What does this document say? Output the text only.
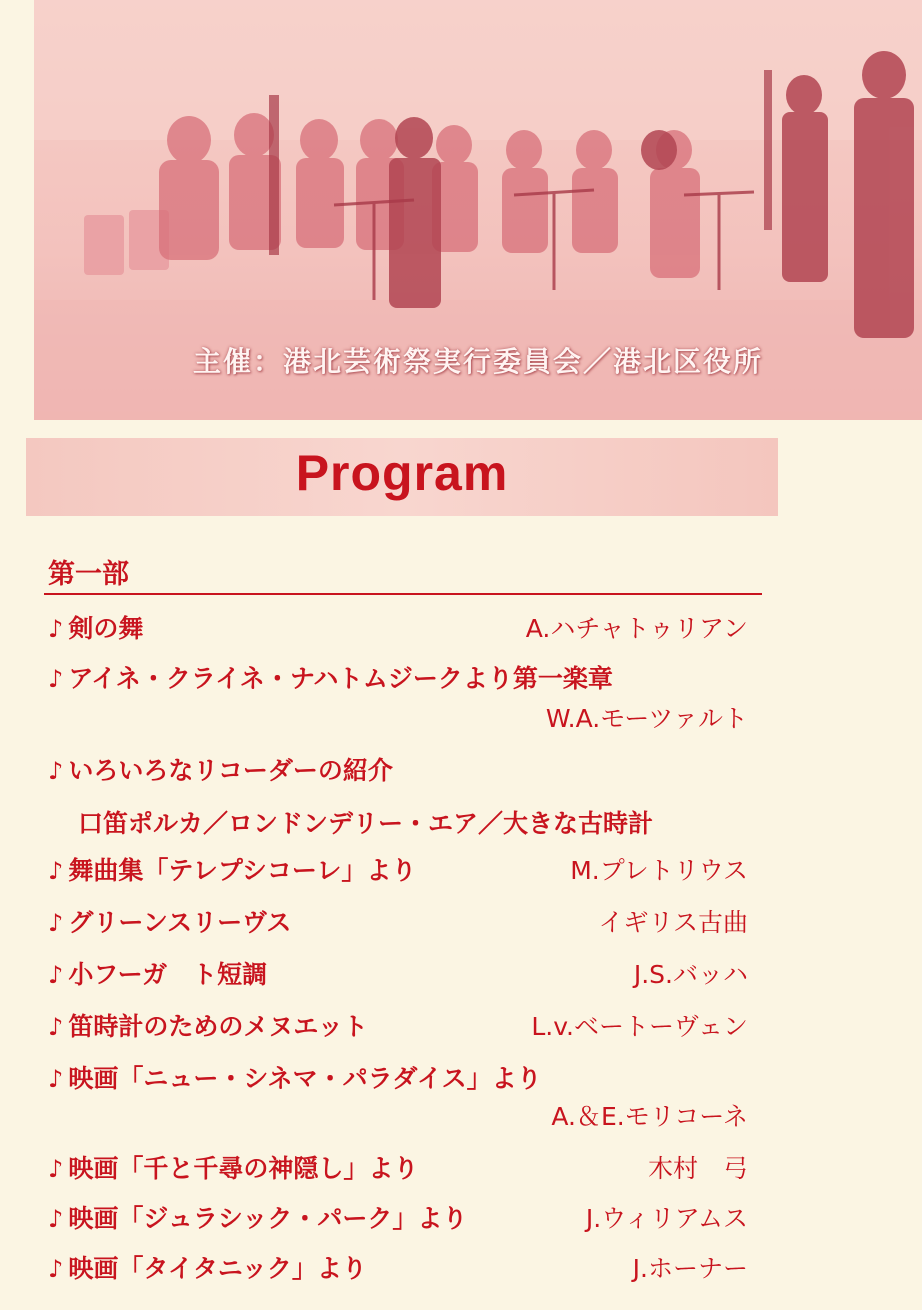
主催：港北芸術祭実行委員会／港北区役所
Program
第一部
♪ 剣の舞	A.ハチャトゥリアン
♪ アイネ・クライネ・ナハトムジークより第一楽章
W.A.モーツァルト
♪ いろいろなリコーダーの紹介
口笛ポルカ／ロンドンデリー・エア／大きな古時計
♪ 舞曲集「テレプシコーレ」より	M.プレトリウス
♪ グリーンスリーヴス	イギリス古曲
♪ 小フーガ　ト短調	J.S.バッハ
♪ 笛時計のためのメヌエット	L.v.ベートーヴェン
♪ 映画「ニュー・シネマ・パラダイス」より
A.＆E.モリコーネ
♪ 映画「千と千尋の神隠し」より	木村　弓
♪ 映画「ジュラシック・パーク」より	J.ウィリアムス
♪ 映画「タイタニック」より	J.ホーナー
